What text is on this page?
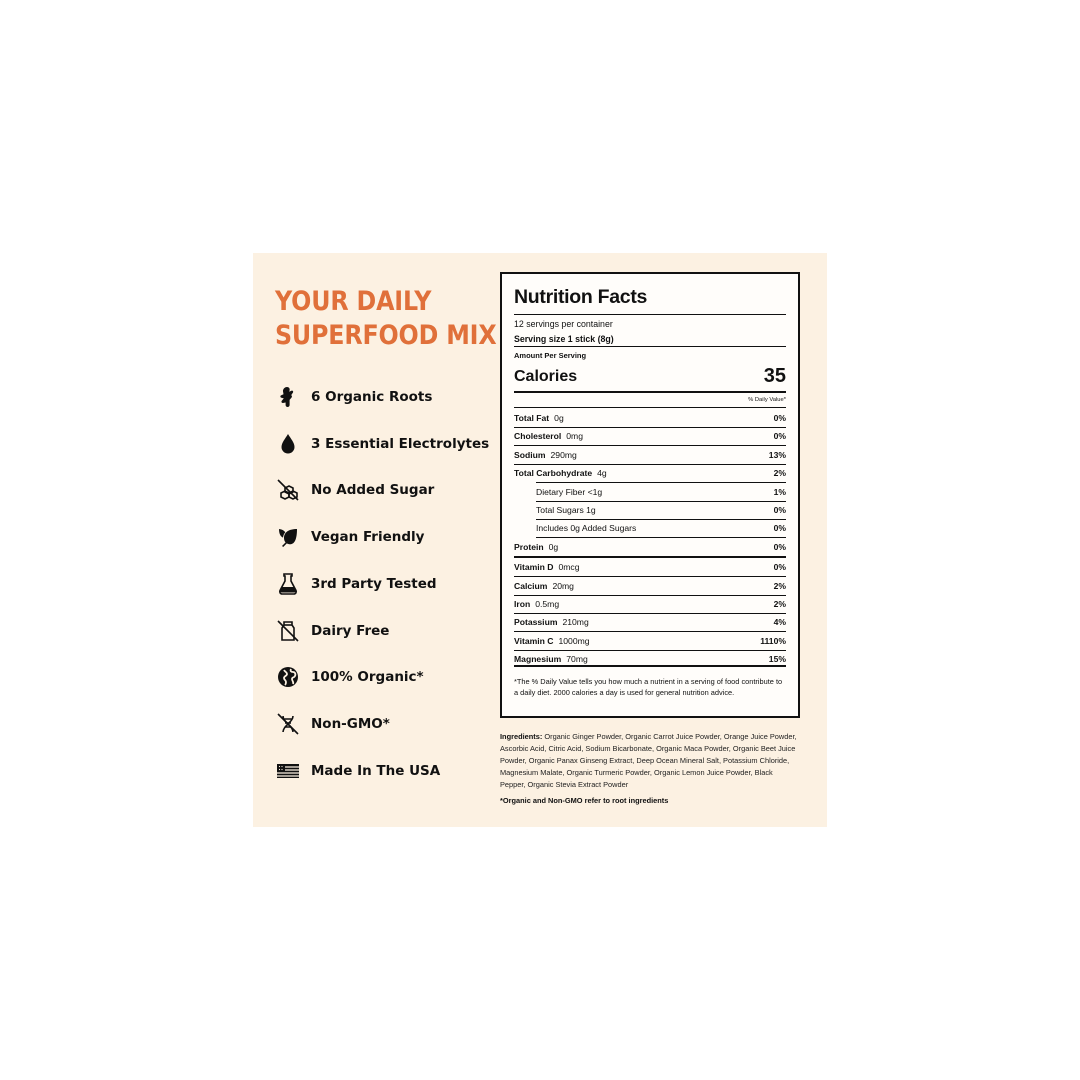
YOUR DAILY
SUPERFOOD MIX
6 Organic Roots
3 Essential Electrolytes
No Added Sugar
Vegan Friendly
3rd Party Tested
Dairy Free
100% Organic*
Non-GMO*
Made In The USA
Nutrition Facts
12 servings per container
Serving size 1 stick (8g)
Amount Per Serving
Calories	35
% Daily Value*
Total Fat 0g	0%
Cholesterol 0mg	0%
Sodium 290mg	13%
Total Carbohydrate 4g	2%
Dietary Fiber <1g	1%
Total Sugars 1g	0%
Includes 0g Added Sugars	0%
Protein 0g	0%
Vitamin D 0mcg	0%
Calcium 20mg	2%
Iron 0.5mg	2%
Potassium 210mg	4%
Vitamin C 1000mg	1110%
Magnesium 70mg	15%
*The % Daily Value tells you how much a nutrient in a serving of food contribute to a daily diet. 2000 calories a day is used for general nutrition advice.
Ingredients: Organic Ginger Powder, Organic Carrot Juice Powder, Orange Juice Powder, Ascorbic Acid, Citric Acid, Sodium Bicarbonate, Organic Maca Powder, Organic Beet Juice Powder, Organic Panax Ginseng Extract, Deep Ocean Mineral Salt, Potassium Chloride, Magnesium Malate, Organic Turmeric Powder, Organic Lemon Juice Powder, Black Pepper, Organic Stevia Extract Powder
*Organic and Non-GMO refer to root ingredients
